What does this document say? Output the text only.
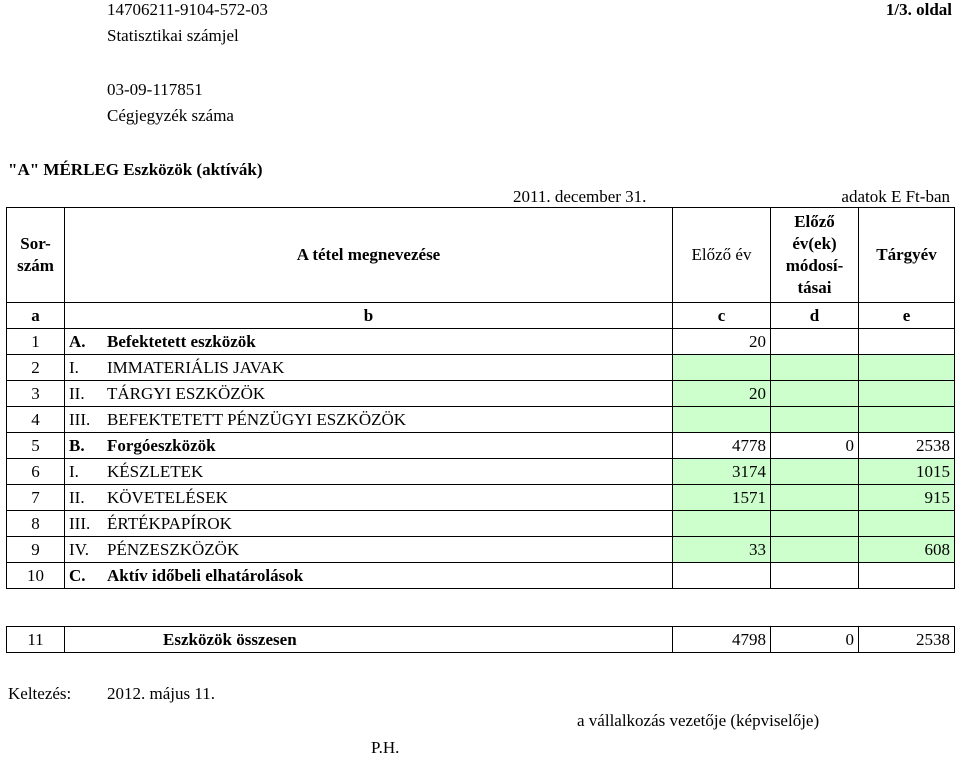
14706211-9104-572-03	1/3. oldal
Statisztikai számjel
03-09-117851
Cégjegyzék száma
"A" MÉRLEG Eszközök (aktívák)
2011. december 31.	adatok E Ft-ban
Sor-
szám	A tétel megnevezése	Előző év	Előző év(ek) módosí-tásai	Tárgyév
a	b	c	d	e
1	A. Befektetett eszközök	20		
2	I. IMMATERIÁLIS JAVAK			
3	II. TÁRGYI ESZKÖZÖK	20		
4	III. BEFEKTETETT PÉNZÜGYI ESZKÖZÖK			
5	B. Forgóeszközök	4778	0	2538
6	I. KÉSZLETEK	3174		1015
7	II. KÖVETELÉSEK	1571		915
8	III. ÉRTÉKPAPÍROK			
9	IV. PÉNZESZKÖZÖK	33		608
10	C. Aktív időbeli elhatárolások			
11	Eszközök összesen	4798	0	2538
Keltezés: 2012. május 11.
a vállalkozás vezetője (képviselője)
P.H.
